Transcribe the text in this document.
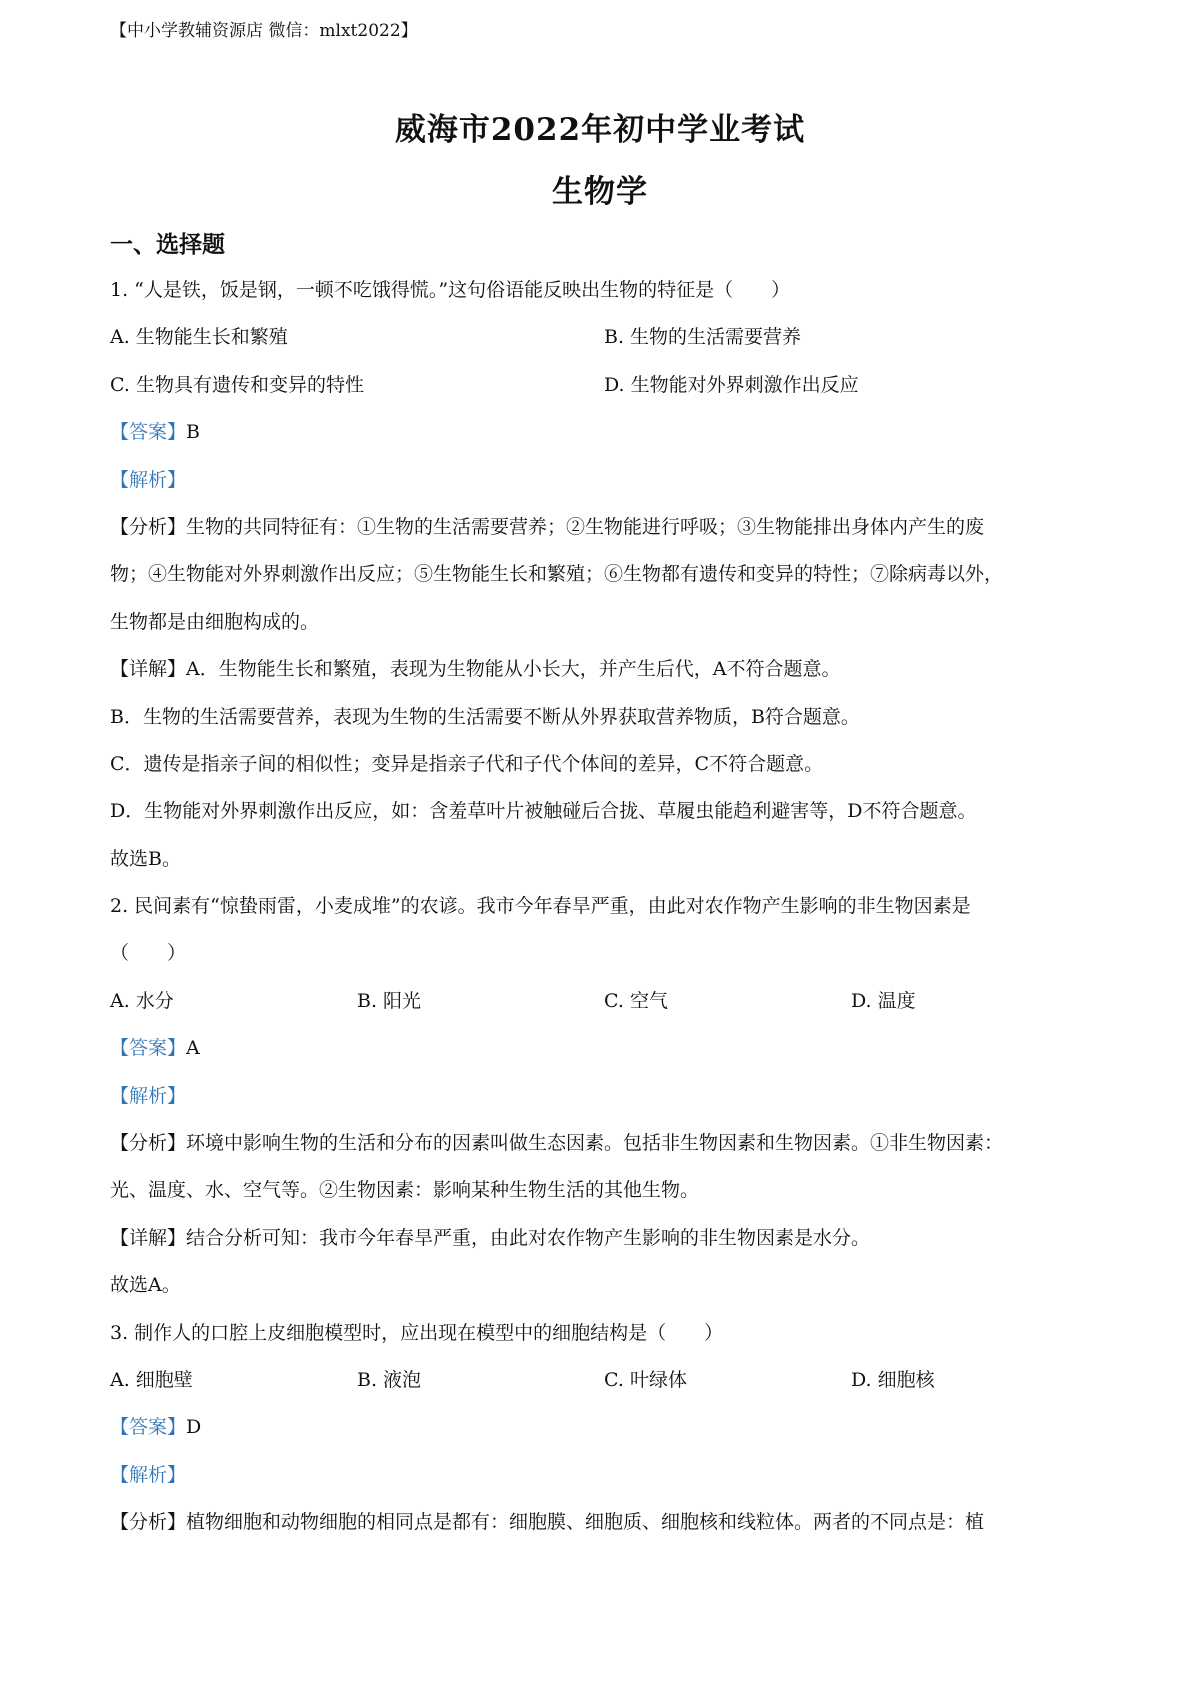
【中小学教辅资源店 微信：mlxt2022】
威海市2022年初中学业考试
生物学
一、选择题
1. “人是铁，饭是钢，一顿不吃饿得慌。”这句俗语能反映出生物的特征是（　　）
A. 生物能生长和繁殖	B. 生物的生活需要营养
C. 生物具有遗传和变异的特性	D. 生物能对外界刺激作出反应
【答案】B
【解析】
【分析】生物的共同特征有：①生物的生活需要营养；②生物能进行呼吸；③生物能排出身体内产生的废
物；④生物能对外界刺激作出反应；⑤生物能生长和繁殖；⑥生物都有遗传和变异的特性；⑦除病毒以外，
生物都是由细胞构成的。
【详解】A．生物能生长和繁殖，表现为生物能从小长大，并产生后代，A不符合题意。
B．生物的生活需要营养，表现为生物的生活需要不断从外界获取营养物质，B符合题意。
C．遗传是指亲子间的相似性；变异是指亲子代和子代个体间的差异，C不符合题意。
D．生物能对外界刺激作出反应，如：含羞草叶片被触碰后合拢、草履虫能趋利避害等，D不符合题意。
故选B。
2. 民间素有“惊蛰雨雷，小麦成堆”的农谚。我市今年春旱严重，由此对农作物产生影响的非生物因素是
（　　）
A. 水分	B. 阳光	C. 空气	D. 温度
【答案】A
【解析】
【分析】环境中影响生物的生活和分布的因素叫做生态因素。包括非生物因素和生物因素。①非生物因素：
光、温度、水、空气等。②生物因素：影响某种生物生活的其他生物。
【详解】结合分析可知：我市今年春旱严重，由此对农作物产生影响的非生物因素是水分。
故选A。
3. 制作人的口腔上皮细胞模型时，应出现在模型中的细胞结构是（　　）
A. 细胞壁	B. 液泡	C. 叶绿体	D. 细胞核
【答案】D
【解析】
【分析】植物细胞和动物细胞的相同点是都有：细胞膜、细胞质、细胞核和线粒体。两者的不同点是：植
